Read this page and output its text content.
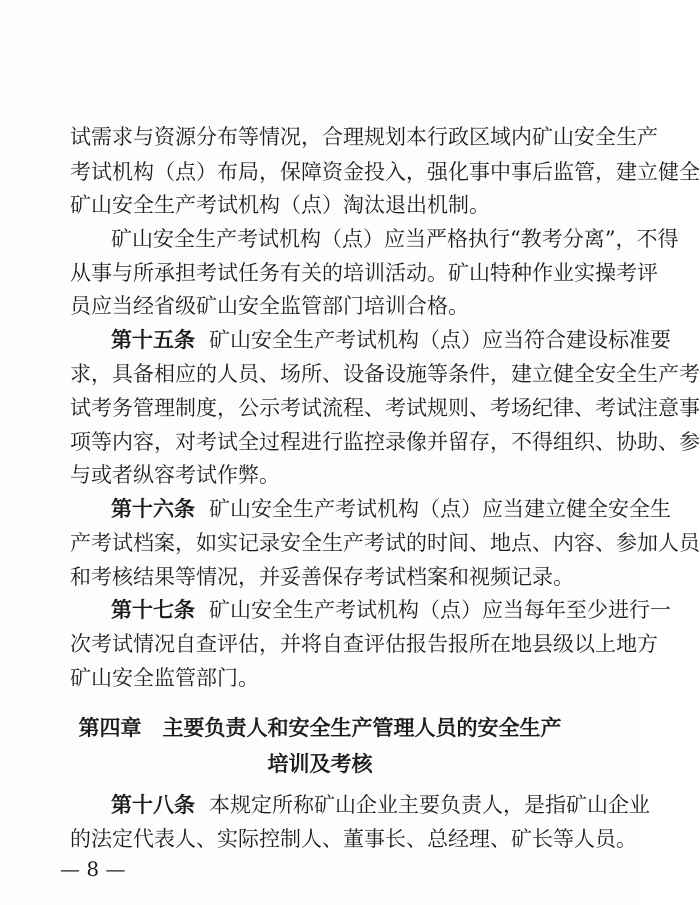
试需求与资源分布等情况，合理规划本行政区域内矿山安全生产
考试机构（点）布局，保障资金投入，强化事中事后监管，建立健全
矿山安全生产考试机构（点）淘汰退出机制。
矿山安全生产考试机构（点）应当严格执行“教考分离”，不得
从事与所承担考试任务有关的培训活动。矿山特种作业实操考评
员应当经省级矿山安全监管部门培训合格。
第十五条 矿山安全生产考试机构（点）应当符合建设标准要
求，具备相应的人员、场所、设备设施等条件，建立健全安全生产考
试考务管理制度，公示考试流程、考试规则、考场纪律、考试注意事
项等内容，对考试全过程进行监控录像并留存，不得组织、协助、参
与或者纵容考试作弊。
第十六条 矿山安全生产考试机构（点）应当建立健全安全生
产考试档案，如实记录安全生产考试的时间、地点、内容、参加人员
和考核结果等情况，并妥善保存考试档案和视频记录。
第十七条 矿山安全生产考试机构（点）应当每年至少进行一
次考试情况自查评估，并将自查评估报告报所在地县级以上地方
矿山安全监管部门。
第四章　主要负责人和安全生产管理人员的安全生产
培训及考核
第十八条 本规定所称矿山企业主要负责人，是指矿山企业
的法定代表人、实际控制人、董事长、总经理、矿长等人员。
— 8 —
